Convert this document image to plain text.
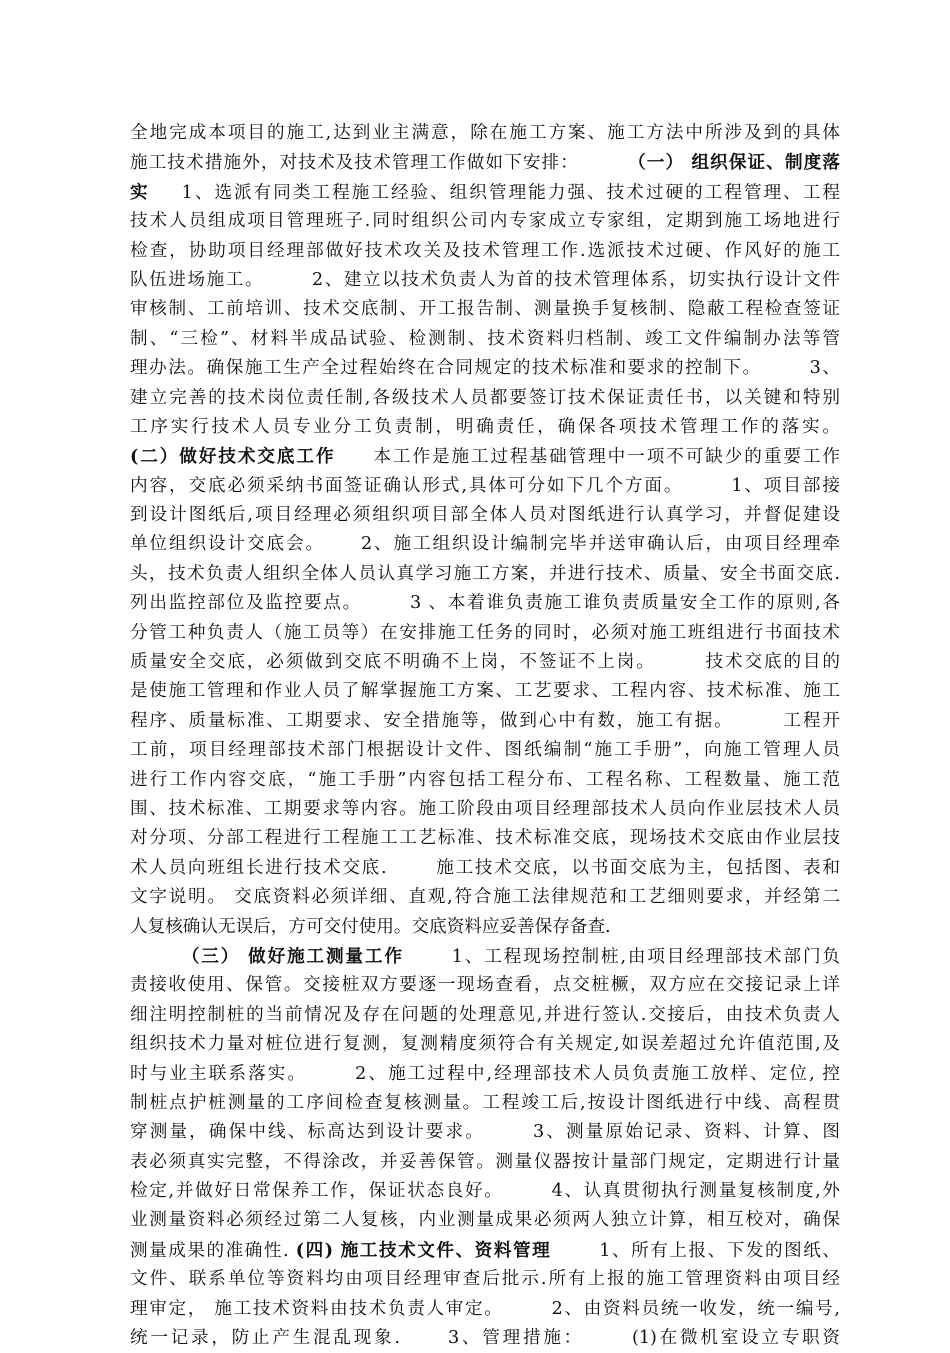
全地完成本项目的施工,达到业主满意，除在施工方案、施工方法中所涉及到的具体
施工技术措施外，对技术及技术管理工作做如下安排：	（一） 组织保证、制度落
实 1、选派有同类工程施工经验、组织管理能力强、技术过硬的工程管理、工程
技术人员组成项目管理班子.同时组织公司内专家成立专家组，定期到施工场地进行
检查，协助项目经理部做好技术攻关及技术管理工作.选派技术过硬、作风好的施工
队伍进场施工。	2、建立以技术负责人为首的技术管理体系，切实执行设计文件
审核制、工前培训、技术交底制、开工报告制、测量换手复核制、隐蔽工程检查签证
制、“三检”、材料半成品试验、检测制、技术资料归档制、竣工文件编制办法等管
理办法。确保施工生产全过程始终在合同规定的技术标准和要求的控制下。	3、
建立完善的技术岗位责任制,各级技术人员都要签订技术保证责任书，以关键和特别
工序实行技术人员专业分工负责制，明确责任，确保各项技术管理工作的落实。
(二）做好技术交底工作 本工作是施工过程基础管理中一项不可缺少的重要工作
内容，交底必须采纳书面签证确认形式,具体可分如下几个方面。	1、项目部接
到设计图纸后,项目经理必须组织项目部全体人员对图纸进行认真学习，并督促建设
单位组织设计交底会。 2、施工组织设计编制完毕并送审确认后，由项目经理牵
头，技术负责人组织全体人员认真学习施工方案，并进行技术、质量、安全书面交底.
列出监控部位及监控要点。	3 、本着谁负责施工谁负责质量安全工作的原则,各
分管工种负责人（施工员等）在安排施工任务的同时，必须对施工班组进行书面技术
质量安全交底，必须做到交底不明确不上岗，不签证不上岗。	技术交底的目的
是使施工管理和作业人员了解掌握施工方案、工艺要求、工程内容、技术标准、施工
程序、质量标准、工期要求、安全措施等，做到心中有数，施工有据。	工程开
工前，项目经理部技术部门根据设计文件、图纸编制“施工手册”，向施工管理人员
进行工作内容交底，“施工手册”内容包括工程分布、工程名称、工程数量、施工范
围、技术标准、工期要求等内容。施工阶段由项目经理部技术人员向作业层技术人员
对分项、分部工程进行工程施工工艺标准、技术标准交底，现场技术交底由作业层技
术人员向班组长进行技术交底.	施工技术交底，以书面交底为主，包括图、表和
文字说明。 交底资料必须详细、直观,符合施工法律规范和工艺细则要求，并经第二
人复核确认无误后，方可交付使用。交底资料应妥善保存备查.
（三） 做好施工测量工作	1、工程现场控制桩,由项目经理部技术部门负
责接收使用、保管。交接桩双方要逐一现场查看，点交桩橛，双方应在交接记录上详
细注明控制桩的当前情况及存在问题的处理意见,并进行签认.交接后，由技术负责人
组织技术力量对桩位进行复测，复测精度须符合有关规定,如误差超过允许值范围,及
时与业主联系落实。	2、施工过程中,经理部技术人员负责施工放样、定位, 控
制桩点护桩测量的工序间检查复核测量。工程竣工后,按设计图纸进行中线、高程贯
穿测量，确保中线、标高达到设计要求。	3、测量原始记录、资料、计算、图
表必须真实完整，不得涂改，并妥善保管。测量仪器按计量部门规定，定期进行计量
检定,并做好日常保养工作，保证状态良好。	4、认真贯彻执行测量复核制度,外
业测量资料必须经过第二人复核，内业测量成果必须两人独立计算，相互校对，确保
测量成果的准确性. (四) 施工技术文件、资料管理	1、所有上报、下发的图纸、
文件、联系单位等资料均由项目经理审查后批示.所有上报的施工管理资料由项目经
理审定， 施工技术资料由技术负责人审定。	2、由资料员统一收发，统一编号,
统一记录，防止产生混乱现象.	3、管理措施：	(1)在微机室设立专职资
